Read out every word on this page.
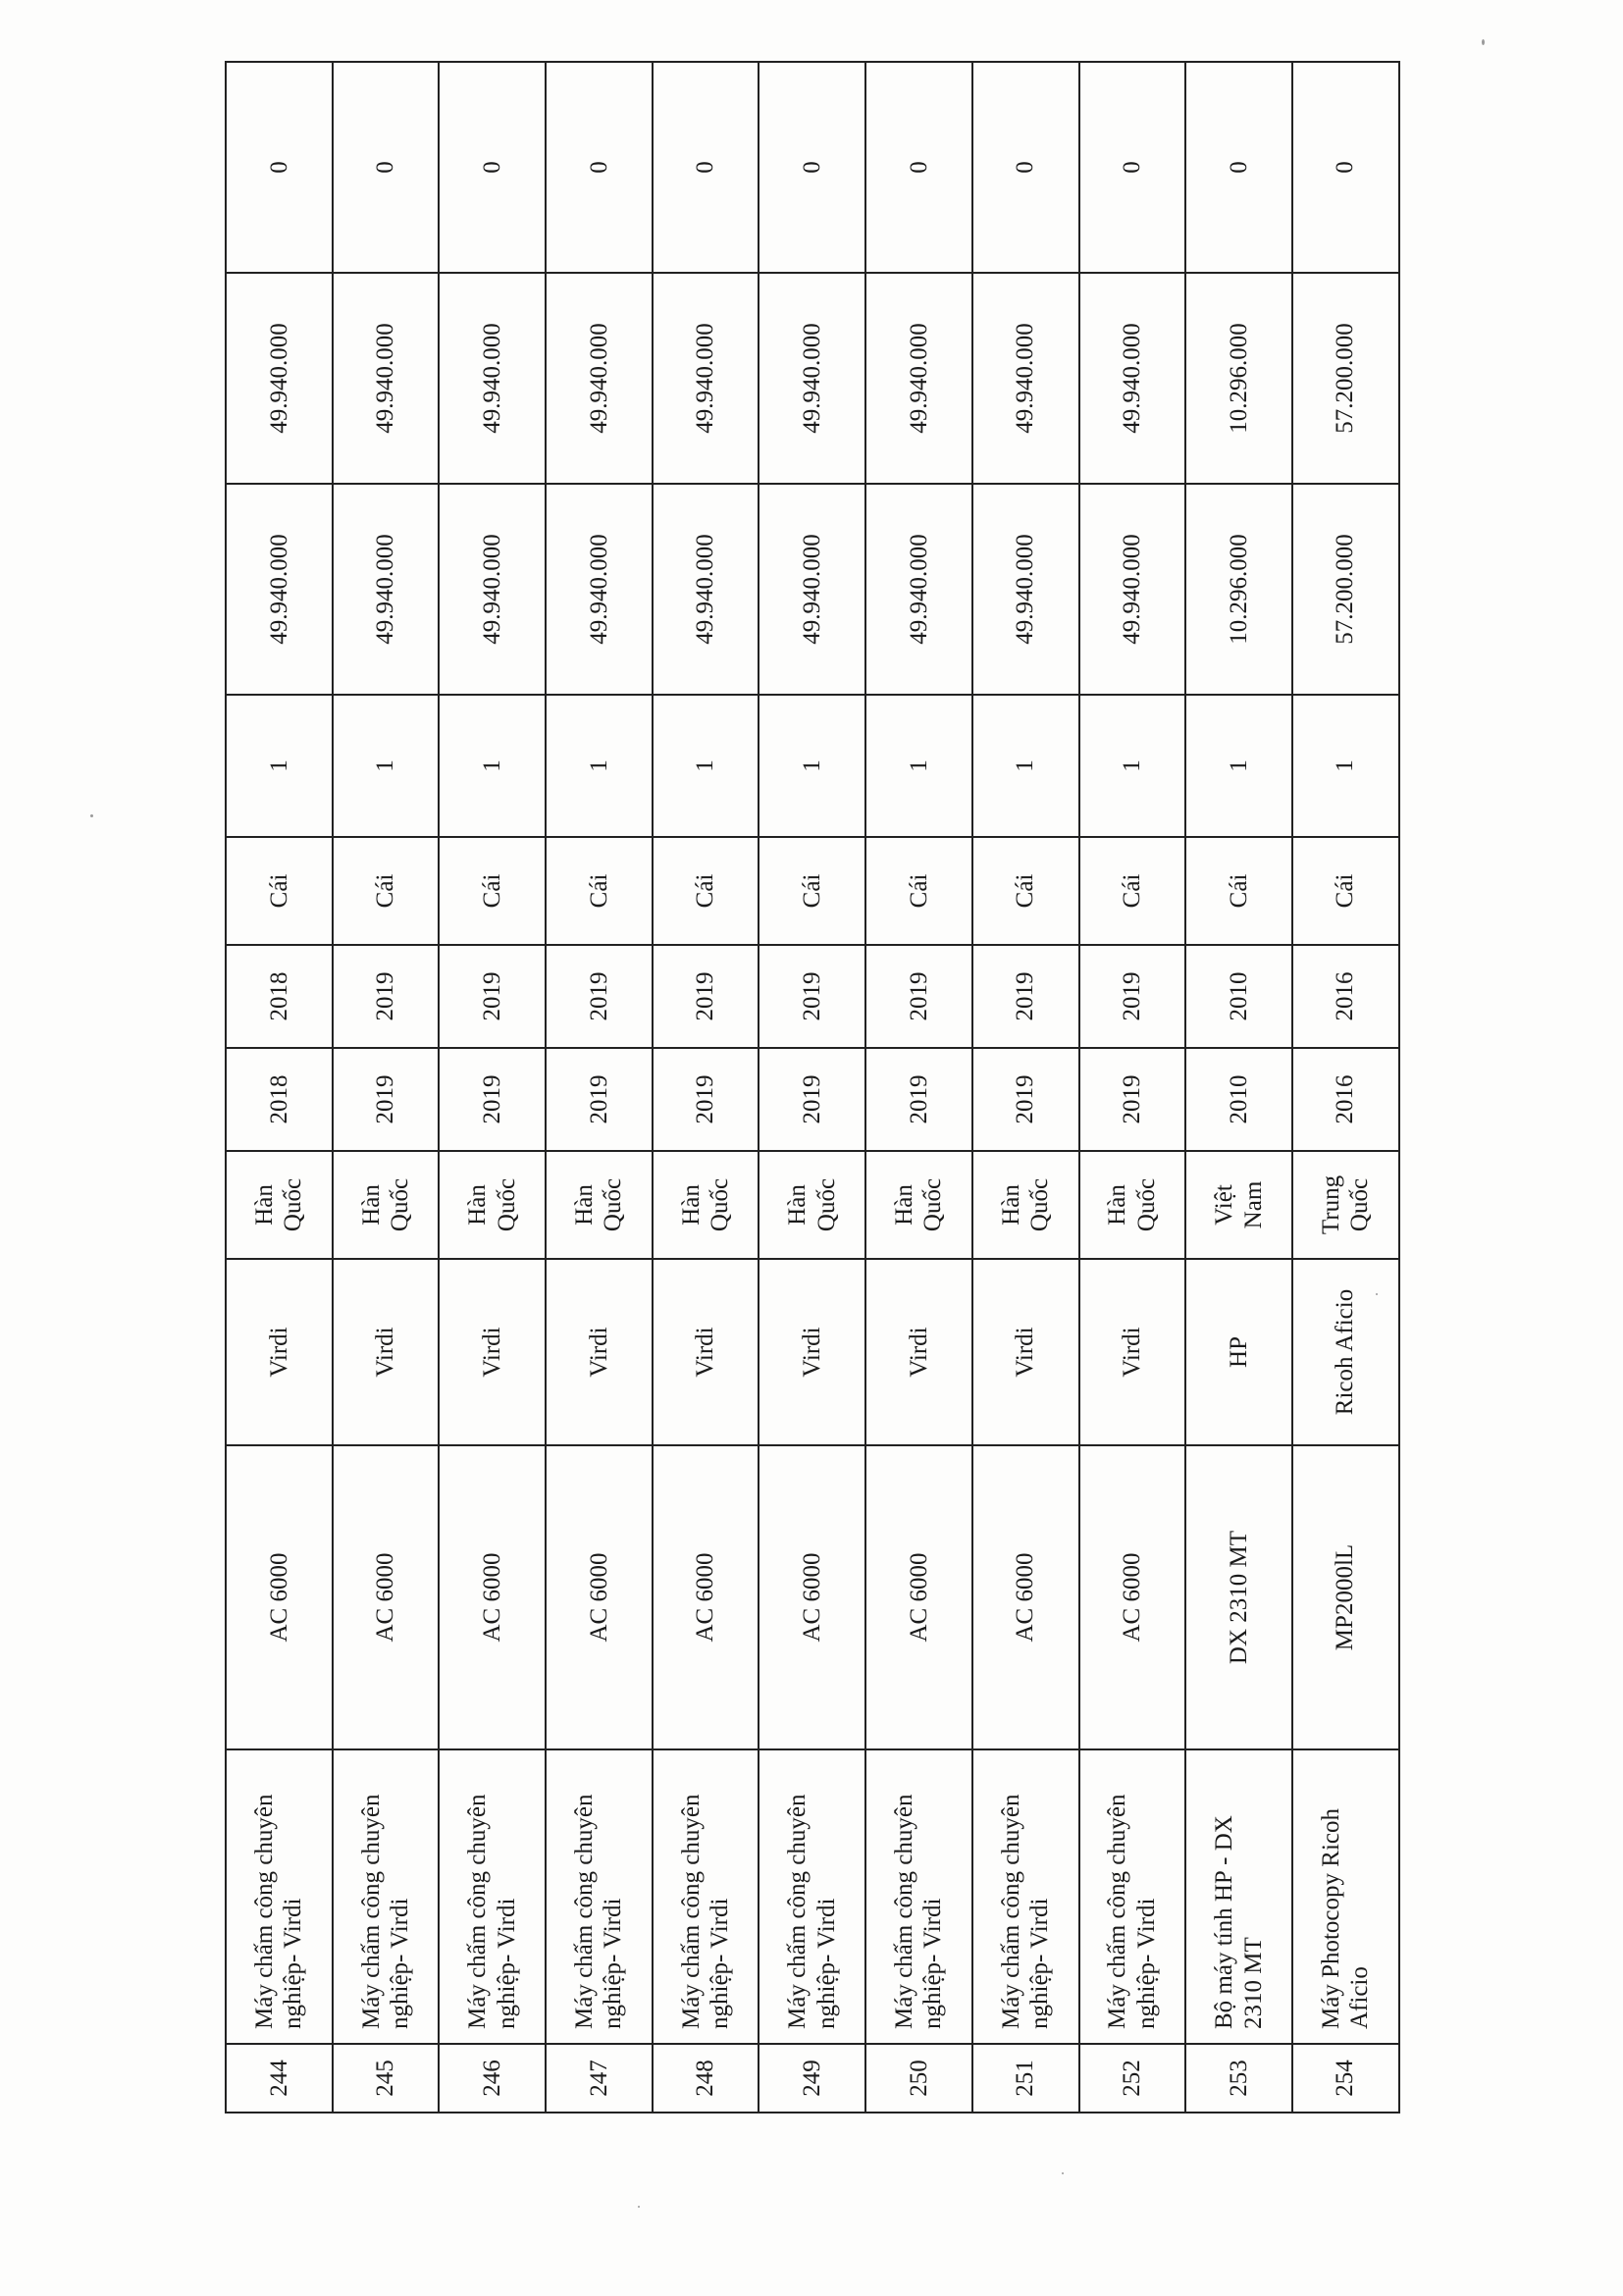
244	Máy chấm công chuyên nghiệp- Virdi	AC 6000	Virdi	Hàn Quốc	2018	2018	Cái	1	49.940.000	49.940.000	0
245	Máy chấm công chuyên nghiệp- Virdi	AC 6000	Virdi	Hàn Quốc	2019	2019	Cái	1	49.940.000	49.940.000	0
246	Máy chấm công chuyên nghiệp- Virdi	AC 6000	Virdi	Hàn Quốc	2019	2019	Cái	1	49.940.000	49.940.000	0
247	Máy chấm công chuyên nghiệp- Virdi	AC 6000	Virdi	Hàn Quốc	2019	2019	Cái	1	49.940.000	49.940.000	0
248	Máy chấm công chuyên nghiệp- Virdi	AC 6000	Virdi	Hàn Quốc	2019	2019	Cái	1	49.940.000	49.940.000	0
249	Máy chấm công chuyên nghiệp- Virdi	AC 6000	Virdi	Hàn Quốc	2019	2019	Cái	1	49.940.000	49.940.000	0
250	Máy chấm công chuyên nghiệp- Virdi	AC 6000	Virdi	Hàn Quốc	2019	2019	Cái	1	49.940.000	49.940.000	0
251	Máy chấm công chuyên nghiệp- Virdi	AC 6000	Virdi	Hàn Quốc	2019	2019	Cái	1	49.940.000	49.940.000	0
252	Máy chấm công chuyên nghiệp- Virdi	AC 6000	Virdi	Hàn Quốc	2019	2019	Cái	1	49.940.000	49.940.000	0
253	Bộ máy tính HP - DX 2310 MT	DX 2310 MT	HP	Việt Nam	2010	2010	Cái	1	10.296.000	10.296.000	0
254	Máy Photocopy Ricoh Aficio	MP2000lL	Ricoh Aficio	Trung Quốc	2016	2016	Cái	1	57.200.000	57.200.000	0
